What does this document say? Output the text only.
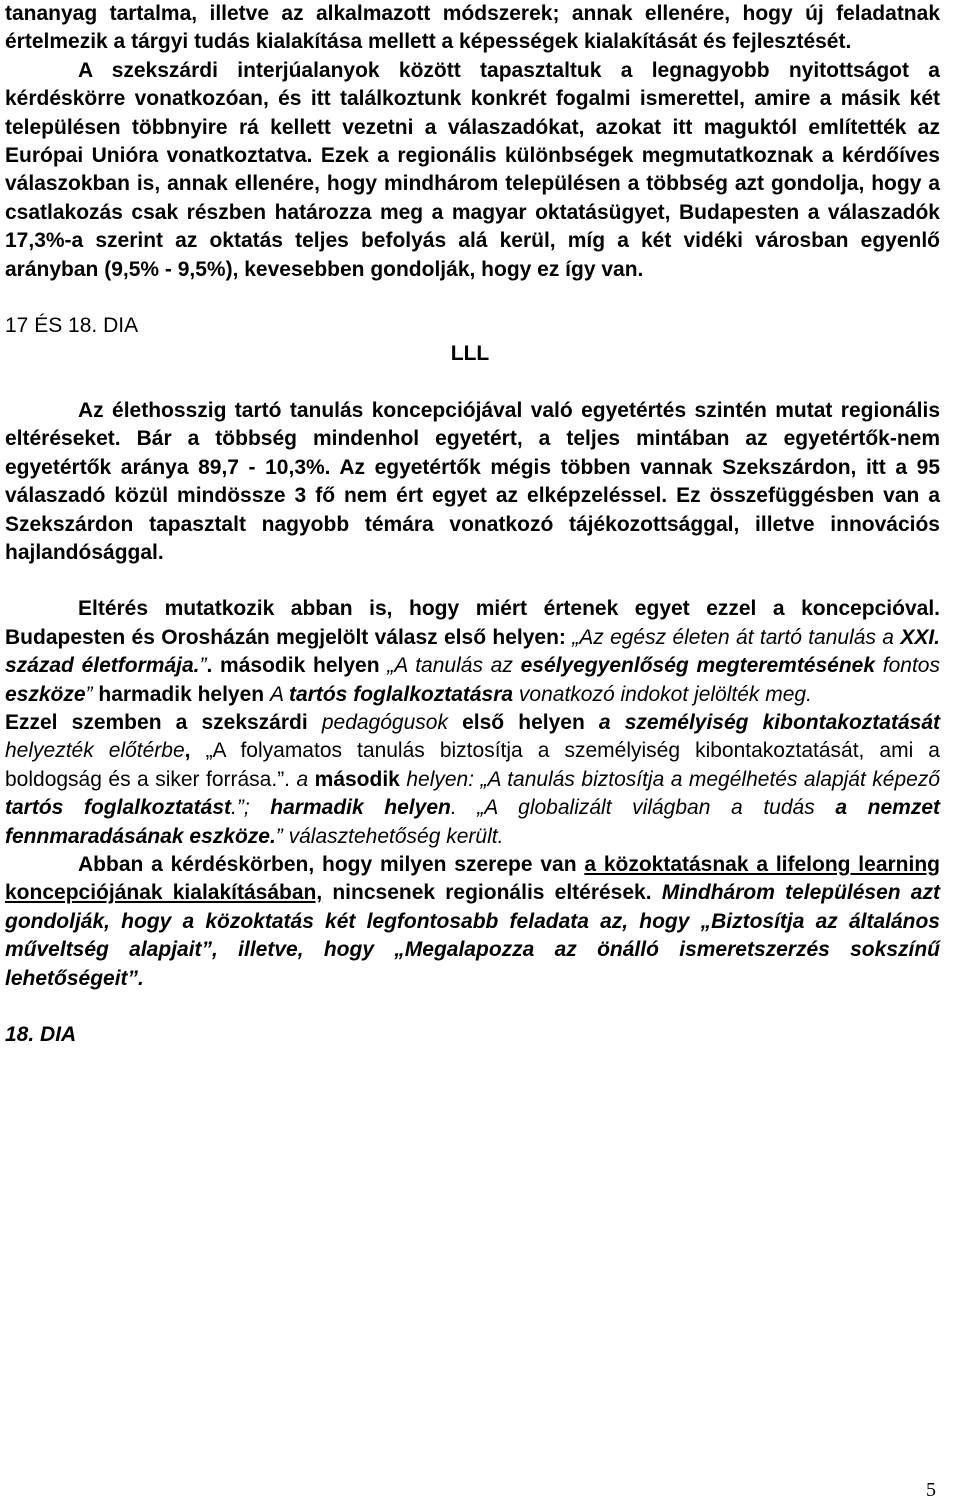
tananyag tartalma, illetve az alkalmazott módszerek; annak ellenére, hogy új feladatnak értelmezik a tárgyi tudás kialakítása mellett a képességek kialakítását és fejlesztését.

A szekszárdi interjúalanyok között tapasztaltuk a legnagyobb nyitottságot a kérdéskörre vonatkozóan, és itt találkoztunk konkrét fogalmi ismerettel, amire a másik két településen többnyire rá kellett vezetni a válaszadókat, azokat itt maguktól említették az Európai Unióra vonatkoztatva. Ezek a regionális különbségek megmutatkoznak a kérdőíves válaszokban is, annak ellenére, hogy mindhárom településen a többség azt gondolja, hogy a csatlakozás csak részben határozza meg a magyar oktatásügyet, Budapesten a válaszadók 17,3%-a szerint az oktatás teljes befolyás alá kerül, míg a két vidéki városban egyenlő arányban (9,5% - 9,5%), kevesebben gondolják, hogy ez így van.

17 ÉS 18. DIA

LLL

Az élethosszig tartó tanulás koncepciójával való egyetértés szintén mutat regionális eltéréseket. Bár a többség mindenhol egyetért, a teljes mintában az egyetértők-nem egyetértők aránya 89,7 - 10,3%. Az egyetértők mégis többen vannak Szekszárdon, itt a 95 válaszadó közül mindössze 3 fő nem ért egyet az elképzeléssel. Ez összefüggésben van a Szekszárdon tapasztalt nagyobb témára vonatkozó tájékozottsággal, illetve innovációs hajlandósággal.

Eltérés mutatkozik abban is, hogy miért értenek egyet ezzel a koncepcióval. Budapesten és Orosházán megjelölt válasz első helyen: „Az egész életen át tartó tanulás a XXI. század életformája.”. második helyen „A tanulás az esélyegyenlőség megteremtésének fontos eszköze” harmadik helyen A tartós foglalkoztatásra vonatkozó indokot jelölték meg.

Ezzel szemben a szekszárdi pedagógusok első helyen a személyiség kibontakoztatását helyezték előtérbe, „A folyamatos tanulás biztosítja a személyiség kibontakoztatását, ami a boldogság és a siker forrása.”. a második helyen: „A tanulás biztosítja a megélhetés alapját képező tartós foglalkoztatást.”; harmadik helyen. „A globalizált világban a tudás a nemzet fennmaradásának eszköze.” választehetőség került.

Abban a kérdéskörben, hogy milyen szerepe van a közoktatásnak a lifelong learning koncepciójának kialakításában, nincsenek regionális eltérések. Mindhárom településen azt gondolják, hogy a közoktatás két legfontosabb feladata az, hogy „Biztosítja az általános műveltség alapjait”, illetve, hogy „Megalapozza az önálló ismeretszerzés sokszínű lehetőségeit”.

18. DIA

5
